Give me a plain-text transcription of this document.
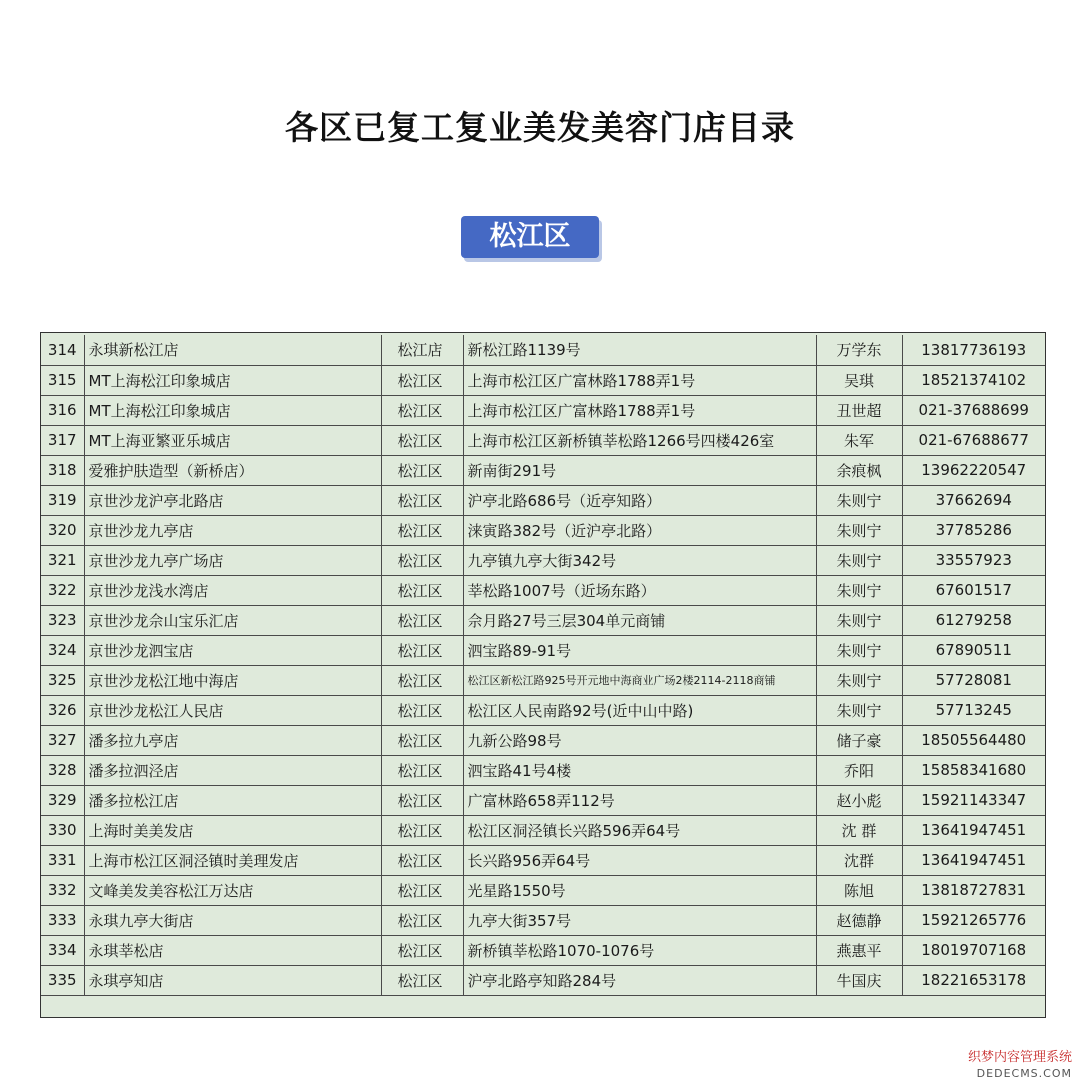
各区已复工复业美发美容门店目录
松江区
314	永琪新松江店	松江店	新松江路1139号	万学东	13817736193
315	MT上海松江印象城店	松江区	上海市松江区广富林路1788弄1号	吴琪	18521374102
316	MT上海松江印象城店	松江区	上海市松江区广富林路1788弄1号	丑世超	021-37688699
317	MT上海亚繁亚乐城店	松江区	上海市松江区新桥镇莘松路1266号四楼426室	朱军	021-67688677
318	爱雅护肤造型（新桥店）	松江区	新南街291号	余痕枫	13962220547
319	京世沙龙沪亭北路店	松江区	沪亭北路686号（近亭知路）	朱则宁	37662694
320	京世沙龙九亭店	松江区	涞寅路382号（近沪亭北路）	朱则宁	37785286
321	京世沙龙九亭广场店	松江区	九亭镇九亭大街342号	朱则宁	33557923
322	京世沙龙浅水湾店	松江区	莘松路1007号（近场东路）	朱则宁	67601517
323	京世沙龙佘山宝乐汇店	松江区	佘月路27号三层304单元商铺	朱则宁	61279258
324	京世沙龙泗宝店	松江区	泗宝路89-91号	朱则宁	67890511
325	京世沙龙松江地中海店	松江区	松江区新松江路925号开元地中海商业广场2楼2114-2118商铺	朱则宁	57728081
326	京世沙龙松江人民店	松江区	松江区人民南路92号(近中山中路)	朱则宁	57713245
327	潘多拉九亭店	松江区	九新公路98号	储子豪	18505564480
328	潘多拉泗泾店	松江区	泗宝路41号4楼	乔阳	15858341680
329	潘多拉松江店	松江区	广富林路658弄112号	赵小彪	15921143347
330	上海时美美发店	松江区	松江区洞泾镇长兴路596弄64号	沈 群	13641947451
331	上海市松江区洞泾镇时美理发店	松江区	长兴路956弄64号	沈群	13641947451
332	文峰美发美容松江万达店	松江区	光星路1550号	陈旭	13818727831
333	永琪九亭大街店	松江区	九亭大街357号	赵德静	15921265776
334	永琪莘松店	松江区	新桥镇莘松路1070-1076号	燕惠平	18019707168
335	永琪亭知店	松江区	沪亭北路亭知路284号	牛国庆	18221653178
织梦内容管理系统
DEDECMS.COM
